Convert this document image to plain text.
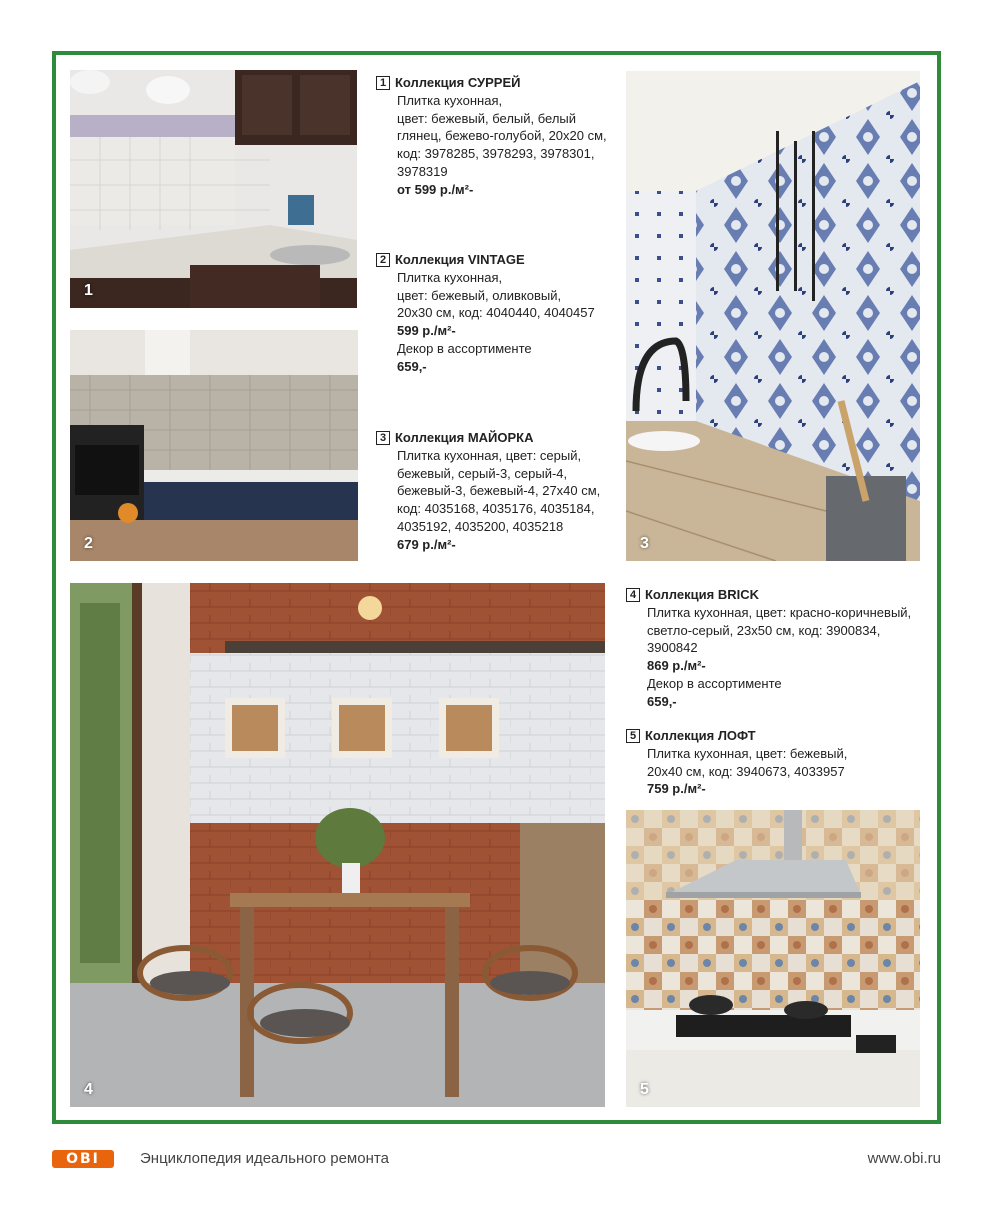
1
2	3
4	5
1 Коллекция СУРРЕЙ
Плитка кухонная,
цвет: бежевый, белый, белый
глянец, бежево-голубой, 20х20 см,
код: 3978285, 3978293, 3978301,
3978319
от 599 р./м²-
2 Коллекция VINTAGE
Плитка кухонная,
цвет: бежевый, оливковый,
20х30 см, код: 4040440, 4040457
599 р./м²-
Декор в ассортименте
659,-
3 Коллекция МАЙОРКА
Плитка кухонная, цвет: серый,
бежевый, серый-3, серый-4,
бежевый-3, бежевый-4, 27х40 см,
код: 4035168, 4035176, 4035184,
4035192, 4035200, 4035218
679 р./м²-
4 Коллекция BRICK
Плитка кухонная, цвет: красно-коричневый,
светло-серый, 23х50 см, код: 3900834,
3900842
869 р./м²-
Декор в ассортименте
659,-
5 Коллекция ЛОФТ
Плитка кухонная, цвет: бежевый,
20х40 см, код: 3940673, 4033957
759 р./м²-
OBI	Энциклопедия идеального ремонта	www.obi.ru
